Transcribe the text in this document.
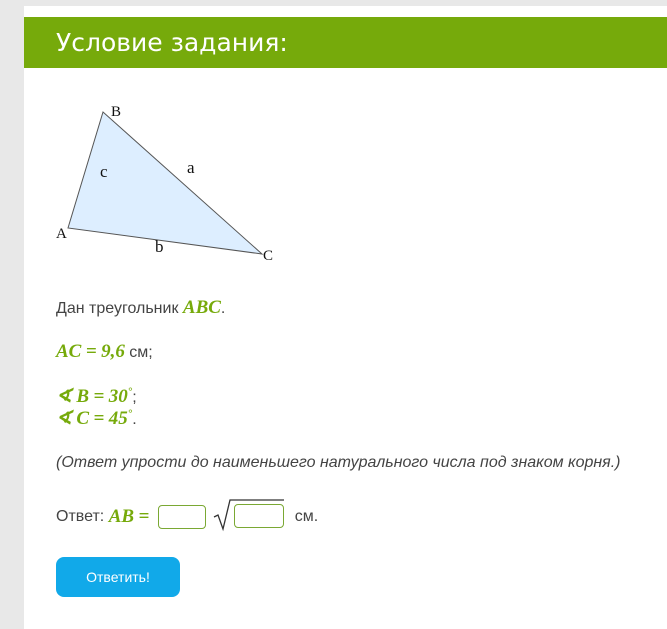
Условие задания:
B
A
C
c	a
b
Дан треугольник ABC.
AC = 9,6 см;
∢ B = 30°;
∢ C = 45°.
(Ответ упрости до наименьшего натурального числа под знаком корня.)
Ответ: AB =	см.
Ответить!
